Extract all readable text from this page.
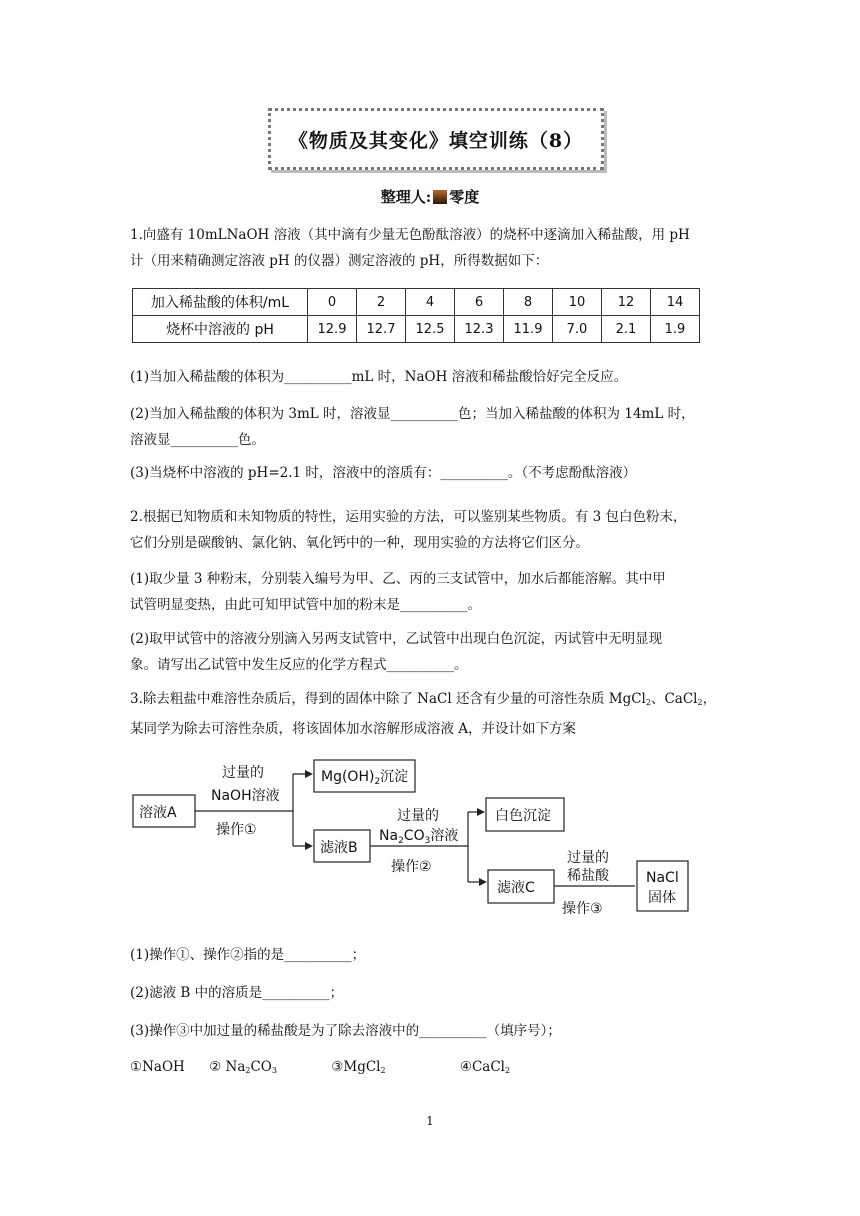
《物质及其变化》填空训练（8）
整理人: 零度
1.向盛有 10mLNaOH 溶液（其中滴有少量无色酚酞溶液）的烧杯中逐滴加入稀盐酸，用 pH
计（用来精确测定溶液 pH 的仪器）测定溶液的 pH，所得数据如下：
加入稀盐酸的体积/mL	0	2	4	6	8	10	12	14
烧杯中溶液的 pH	12.9	12.7	12.5	12.3	11.9	7.0	2.1	1.9
(1)当加入稀盐酸的体积为__________mL 时，NaOH 溶液和稀盐酸恰好完全反应。
(2)当加入稀盐酸的体积为 3mL 时，溶液显__________色；当加入稀盐酸的体积为 14mL 时，
溶液显__________色。
(3)当烧杯中溶液的 pH=2.1 时，溶液中的溶质有：__________。（不考虑酚酞溶液）
2.根据已知物质和未知物质的特性，运用实验的方法，可以鉴别某些物质。有 3 包白色粉末，
它们分别是碳酸钠、氯化钠、氧化钙中的一种，现用实验的方法将它们区分。
(1)取少量 3 种粉末，分别装入编号为甲、乙、丙的三支试管中，加水后都能溶解。其中甲
试管明显变热，由此可知甲试管中加的粉末是__________。
(2)取甲试管中的溶液分别滴入另两支试管中，乙试管中出现白色沉淀，丙试管中无明显现
象。请写出乙试管中发生反应的化学方程式__________。
3.除去粗盐中难溶性杂质后，得到的固体中除了 NaCl 还含有少量的可溶性杂质 MgCl$_2$、CaCl$_2$，
某同学为除去可溶性杂质，将该固体加水溶解形成溶液 A，并设计如下方案
溶液A
过量的
NaOH溶液
操作①
$Mg(OH)_2$沉淀
滤液B
过量的
$Na_2CO_3$溶液
操作②
白色沉淀
滤液C
过量的
稀盐酸
操作③
NaCl
固体
(1)操作①、操作②指的是__________；
(2)滤液 B 中的溶质是__________；
(3)操作③中加过量的稀盐酸是为了除去溶液中的__________（填序号）；
①NaOH ② $Na_2CO_3$	③MgCl$_2$	④CaCl$_2$
1
